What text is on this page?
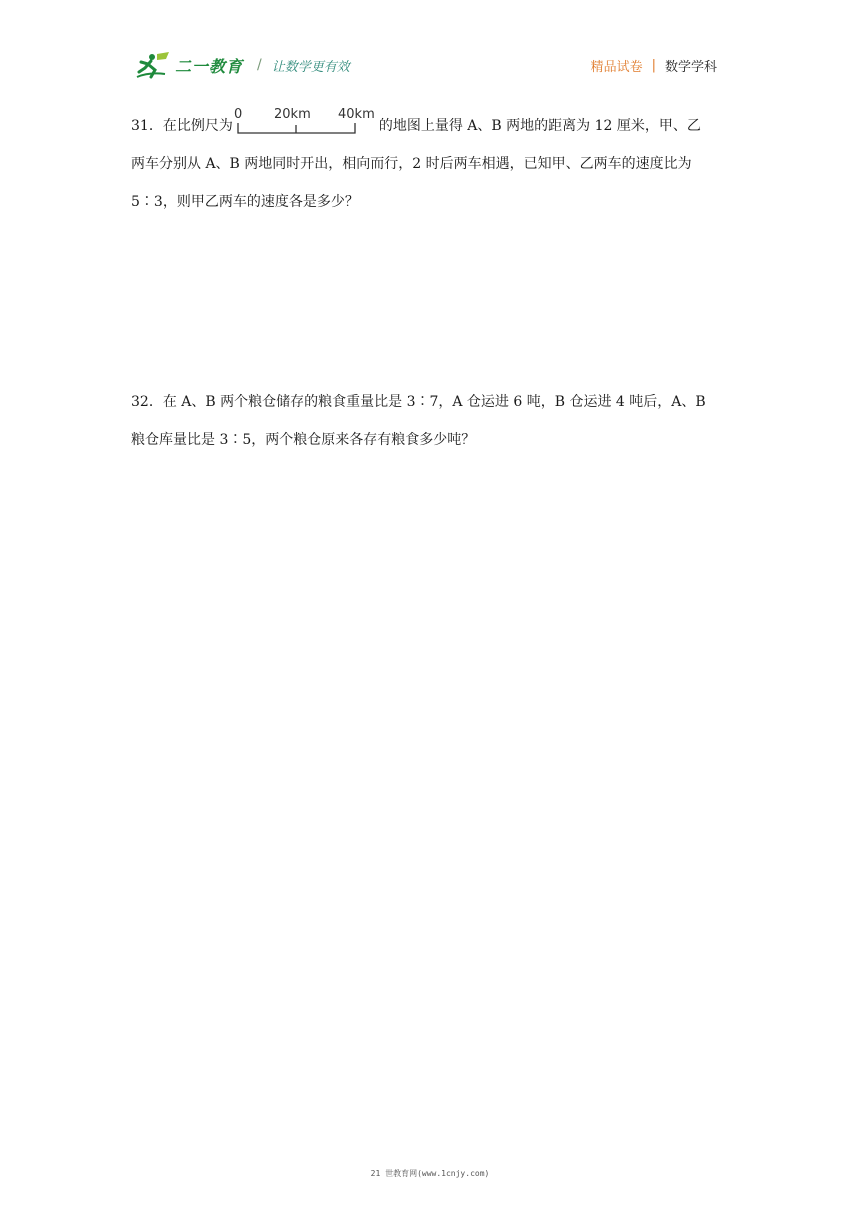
二一教育 / 让数学更有效	精品试卷 | 数学学科

31．在比例尺为
0 20km 40km
的地图上量得 A、B 两地的距离为 12 厘米，甲、乙

两车分别从 A、B 两地同时开出，相向而行，2 时后两车相遇，已知甲、乙两车的速度比为

5∶3，则甲乙两车的速度各是多少？

32．在 A、B 两个粮仓储存的粮食重量比是 3∶7，A 仓运进 6 吨，B 仓运进 4 吨后，A、B

粮仓库量比是 3∶5，两个粮仓原来各存有粮食多少吨？

21 世教育网(www.1cnjy.com)
